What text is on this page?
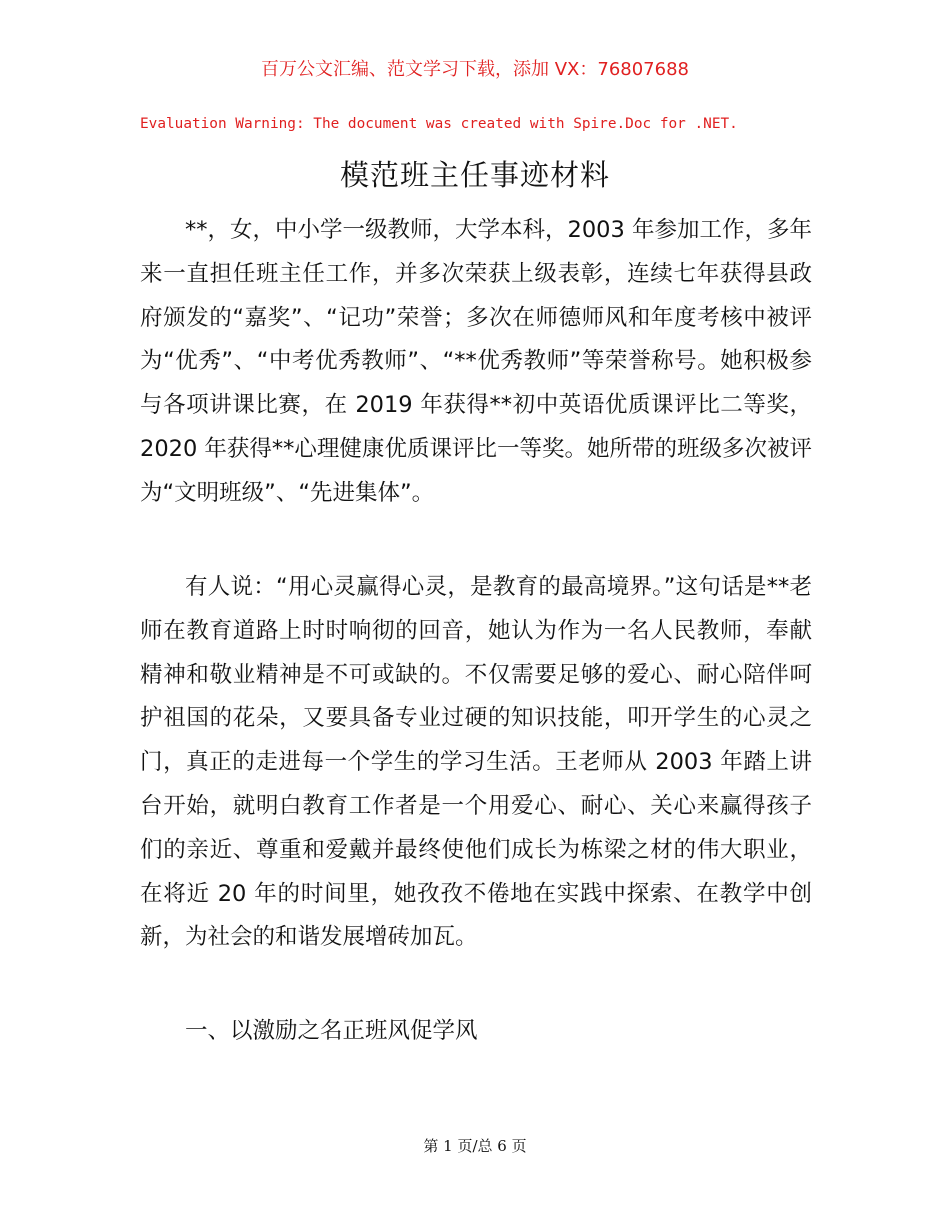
百万公文汇编、范文学习下载，添加 VX：76807688
Evaluation Warning: The document was created with Spire.Doc for .NET.
模范班主任事迹材料

**，女，中小学一级教师，大学本科，2003 年参加工作，多年来一直担任班主任工作，并多次荣获上级表彰，连续七年获得县政府颁发的“嘉奖”、“记功”荣誉；多次在师德师风和年度考核中被评为“优秀”、“中考优秀教师”、“**优秀教师”等荣誉称号。她积极参与各项讲课比赛，在 2019 年获得**初中英语优质课评比二等奖，2020 年获得**心理健康优质课评比一等奖。她所带的班级多次被评为“文明班级”、“先进集体”。

有人说：“用心灵赢得心灵，是教育的最高境界。”这句话是**老师在教育道路上时时响彻的回音，她认为作为一名人民教师，奉献精神和敬业精神是不可或缺的。不仅需要足够的爱心、耐心陪伴呵护祖国的花朵，又要具备专业过硬的知识技能，叩开学生的心灵之门，真正的走进每一个学生的学习生活。王老师从 2003 年踏上讲台开始，就明白教育工作者是一个用爱心、耐心、关心来赢得孩子们的亲近、尊重和爱戴并最终使他们成长为栋梁之材的伟大职业，在将近 20 年的时间里，她孜孜不倦地在实践中探索、在教学中创新，为社会的和谐发展增砖加瓦。

一、以激励之名正班风促学风

第 1 页/总 6 页
